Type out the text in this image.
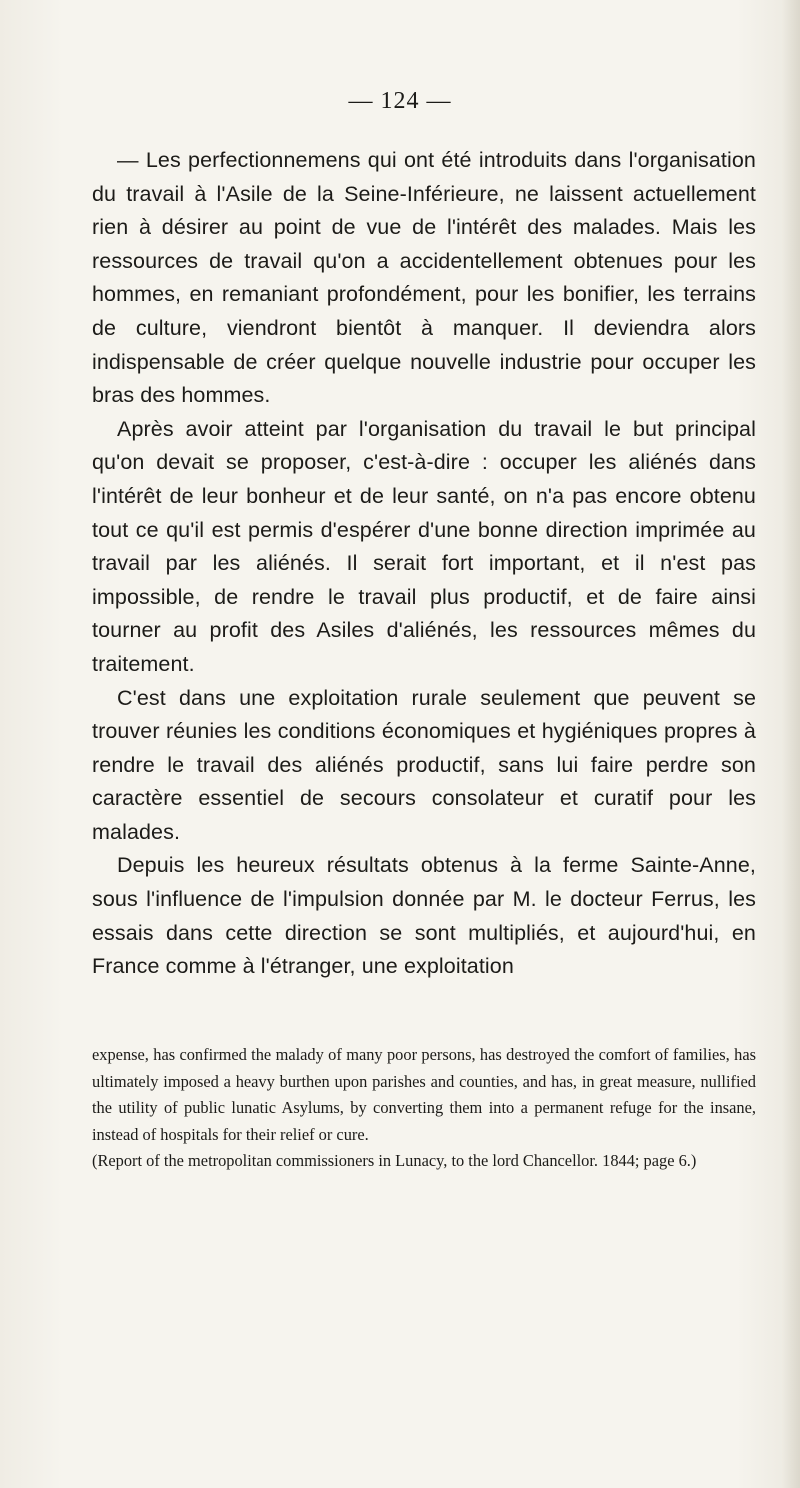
— 124 —

— Les perfectionnemens qui ont été introduits dans l'organisation du travail à l'Asile de la Seine-Inférieure, ne laissent actuellement rien à désirer au point de vue de l'intérêt des malades. Mais les ressources de travail qu'on a accidentellement obtenues pour les hommes, en remaniant profondément, pour les bonifier, les terrains de culture, viendront bientôt à manquer. Il deviendra alors indispensable de créer quelque nouvelle industrie pour occuper les bras des hommes.

Après avoir atteint par l'organisation du travail le but principal qu'on devait se proposer, c'est-à-dire : occuper les aliénés dans l'intérêt de leur bonheur et de leur santé, on n'a pas encore obtenu tout ce qu'il est permis d'espérer d'une bonne direction imprimée au travail par les aliénés. Il serait fort important, et il n'est pas impossible, de rendre le travail plus productif, et de faire ainsi tourner au profit des Asiles d'aliénés, les ressources mêmes du traitement.

C'est dans une exploitation rurale seulement que peuvent se trouver réunies les conditions économiques et hygiéniques propres à rendre le travail des aliénés productif, sans lui faire perdre son caractère essentiel de secours consolateur et curatif pour les malades.

Depuis les heureux résultats obtenus à la ferme Sainte-Anne, sous l'influence de l'impulsion donnée par M. le docteur Ferrus, les essais dans cette direction se sont multipliés, et aujourd'hui, en France comme à l'étranger, une exploitation

expense, has confirmed the malady of many poor persons, has destroyed the comfort of families, has ultimately imposed a heavy burthen upon parishes and counties, and has, in great measure, nullified the utility of public lunatic Asylums, by converting them into a permanent refuge for the insane, instead of hospitals for their relief or cure.

(Report of the metropolitan commissioners in Lunacy, to the lord Chancellor. 1844; page 6.)
